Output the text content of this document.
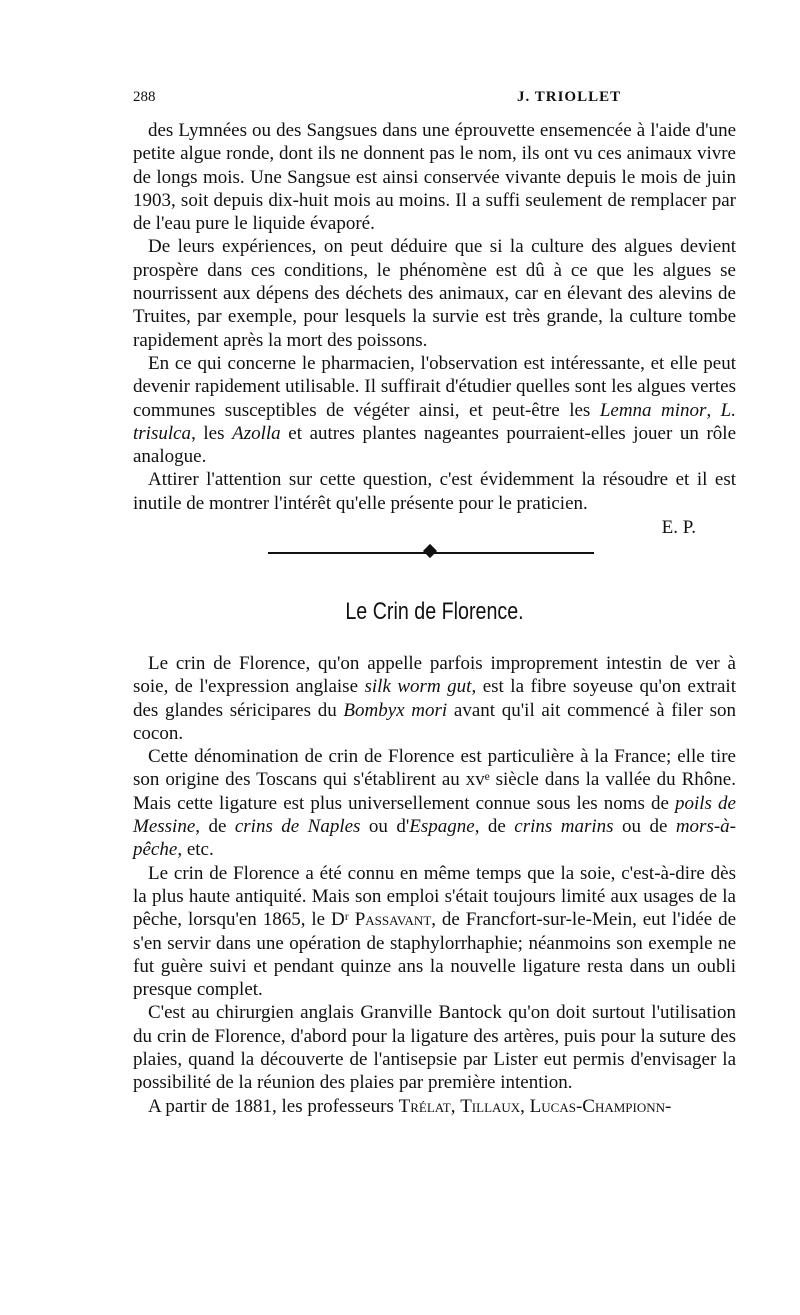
288	J. TRIOLLET

des Lymnées ou des Sangsues dans une éprouvette ensemencée à l'aide d'une petite algue ronde, dont ils ne donnent pas le nom, ils ont vu ces animaux vivre de longs mois. Une Sangsue est ainsi conservée vivante depuis le mois de juin 1903, soit depuis dix-huit mois au moins. Il a suffi seulement de remplacer par de l'eau pure le liquide évaporé.

De leurs expériences, on peut déduire que si la culture des algues devient prospère dans ces conditions, le phénomène est dû à ce que les algues se nourrissent aux dépens des déchets des animaux, car en élevant des alevins de Truites, par exemple, pour lesquels la survie est très grande, la culture tombe rapidement après la mort des poissons.

En ce qui concerne le pharmacien, l'observation est intéressante, et elle peut devenir rapidement utilisable. Il suffirait d'étudier quelles sont les algues vertes communes susceptibles de végéter ainsi, et peut-être les Lemna minor, L. trisulca, les Azolla et autres plantes nageantes pourraient-elles jouer un rôle analogue.

Attirer l'attention sur cette question, c'est évidemment la résoudre et il est inutile de montrer l'intérêt qu'elle présente pour le praticien.

E. P.

Le Crin de Florence.

Le crin de Florence, qu'on appelle parfois improprement intestin de ver à soie, de l'expression anglaise silk worm gut, est la fibre soyeuse qu'on extrait des glandes séricipares du Bombyx mori avant qu'il ait commencé à filer son cocon.

Cette dénomination de crin de Florence est particulière à la France; elle tire son origine des Toscans qui s'établirent au xvᵉ siècle dans la vallée du Rhône. Mais cette ligature est plus universellement connue sous les noms de poils de Messine, de crins de Naples ou d'Espagne, de crins marins ou de mors-à-pêche, etc.

Le crin de Florence a été connu en même temps que la soie, c'est-à-dire dès la plus haute antiquité. Mais son emploi s'était toujours limité aux usages de la pêche, lorsqu'en 1865, le Dʳ Passavant, de Francfort-sur-le-Mein, eut l'idée de s'en servir dans une opération de staphylorrhaphie; néanmoins son exemple ne fut guère suivi et pendant quinze ans la nouvelle ligature resta dans un oubli presque complet.

C'est au chirurgien anglais Granville Bantock qu'on doit surtout l'utilisation du crin de Florence, d'abord pour la ligature des artères, puis pour la suture des plaies, quand la découverte de l'antisepsie par Lister eut permis d'envisager la possibilité de la réunion des plaies par première intention.

A partir de 1881, les professeurs Trélat, Tillaux, Lucas-Championn-
